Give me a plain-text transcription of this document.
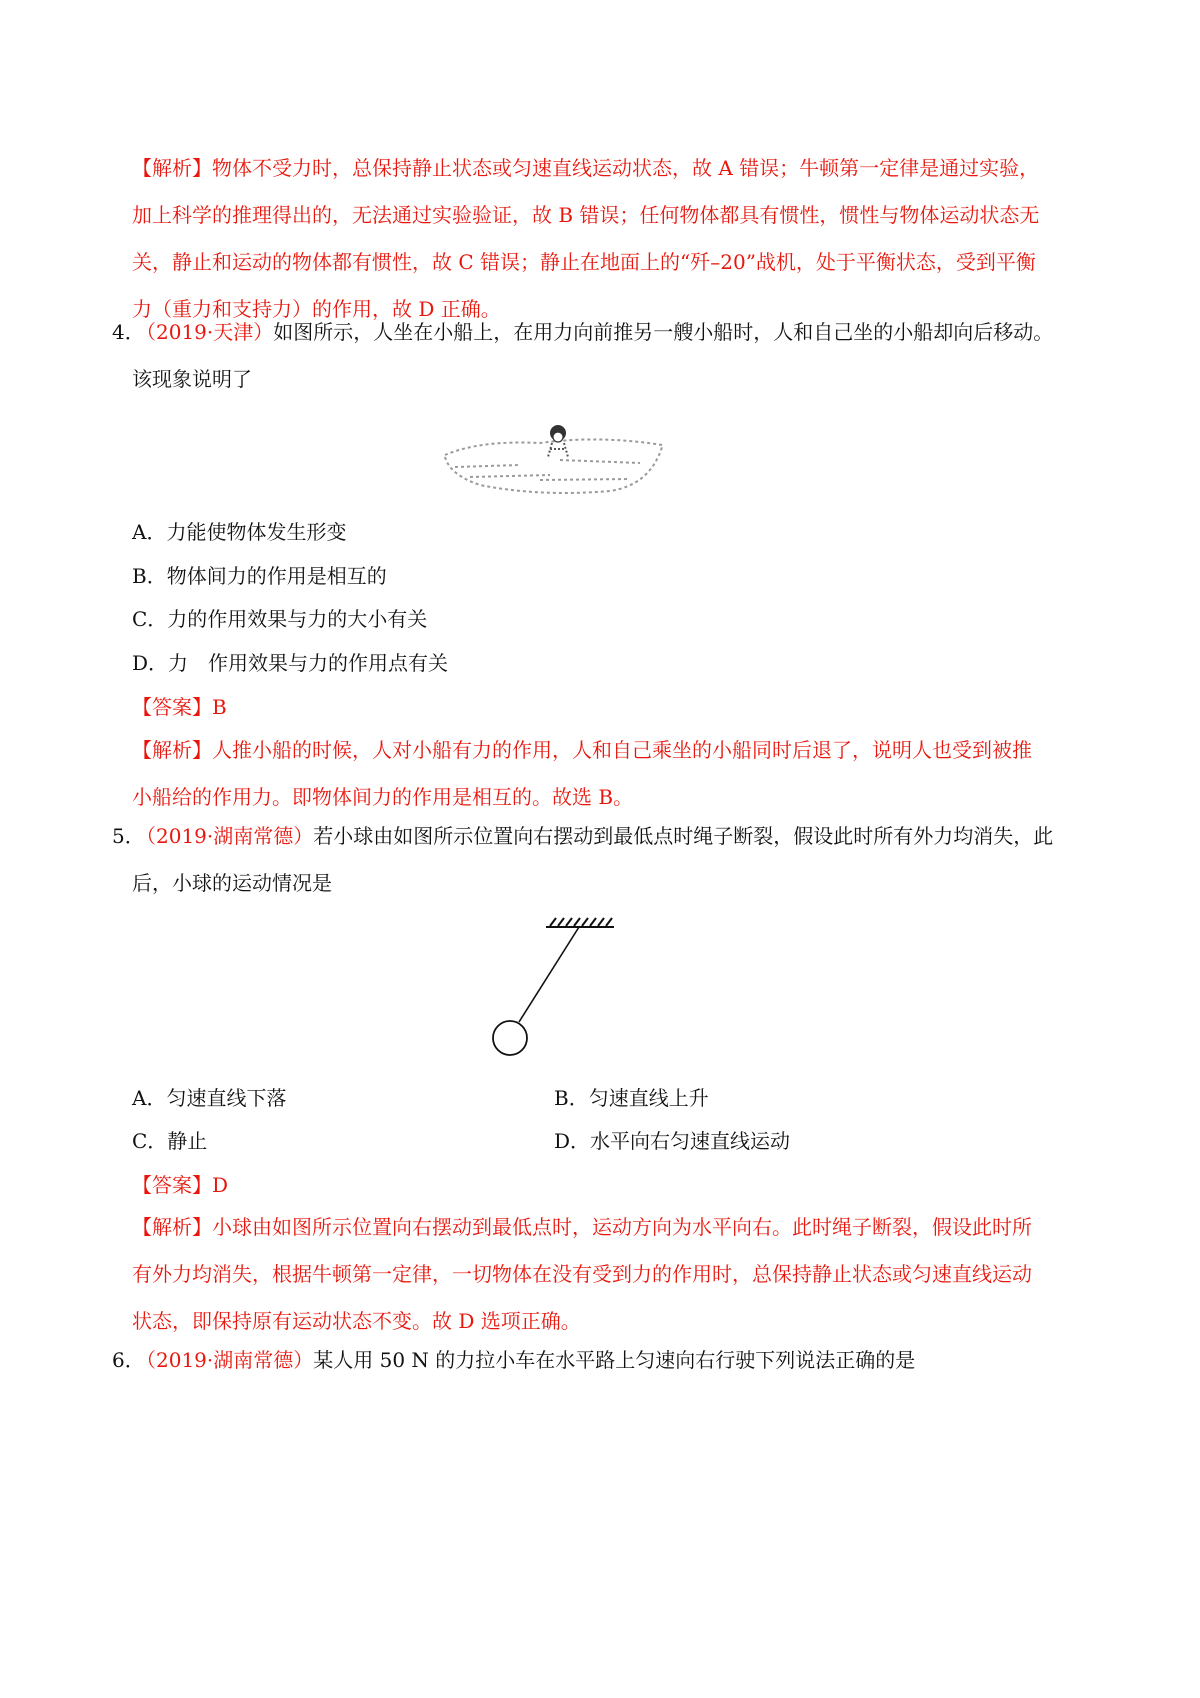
【解析】物体不受力时，总保持静止状态或匀速直线运动状态，故 A 错误；牛顿第一定律是通过实验，
加上科学的推理得出的，无法通过实验验证，故 B 错误；任何物体都具有惯性，惯性与物体运动状态无
关，静止和运动的物体都有惯性，故 C 错误；静止在地面上的“歼–20”战机，处于平衡状态，受到平衡
力（重力和支持力）的作用，故 D 正确。
4．（2019·天津）如图所示，人坐在小船上，在用力向前推另一艘小船时，人和自己坐的小船却向后移动。
该现象说明了
A．力能使物体发生形变
B．物体间力的作用是相互的
C．力的作用效果与力的大小有关
D．力　作用效果与力的作用点有关
【答案】B
【解析】人推小船的时候，人对小船有力的作用，人和自己乘坐的小船同时后退了，说明人也受到被推
小船给的作用力。即物体间力的作用是相互的。故选 B。
5．（2019·湖南常德）若小球由如图所示位置向右摆动到最低点时绳子断裂，假设此时所有外力均消失，此
后，小球的运动情况是
A．匀速直线下落	B．匀速直线上升
C．静止	D．水平向右匀速直线运动
【答案】D
【解析】小球由如图所示位置向右摆动到最低点时，运动方向为水平向右。此时绳子断裂，假设此时所
有外力均消失，根据牛顿第一定律，一切物体在没有受到力的作用时，总保持静止状态或匀速直线运动
状态，即保持原有运动状态不变。故 D 选项正确。
6．（2019·湖南常德）某人用 50 N 的力拉小车在水平路上匀速向右行驶下列说法正确的是
